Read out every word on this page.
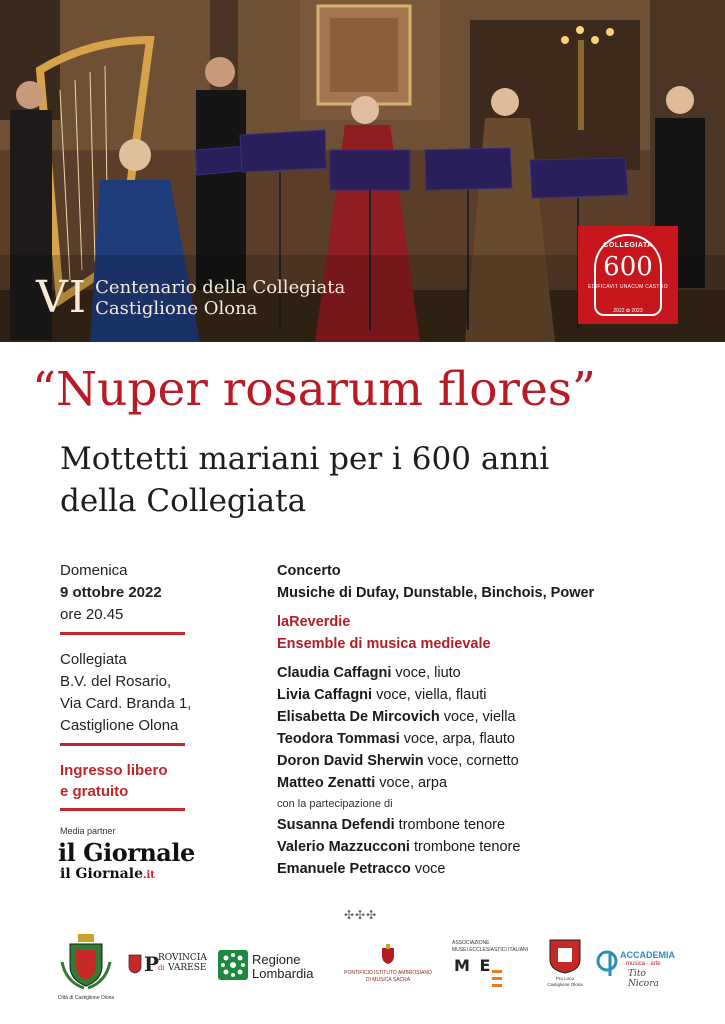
VI Centenario della Collegiata
Castiglione Olona
COLLEGIATA
600
EDIFICAVIT UNACUM CASTRO
2022 ✿ 2023
“Nuper rosarum flores”
Mottetti mariani per i 600 anni
della Collegiata
Domenica
9 ottobre 2022
ore 20.45
Collegiata
B.V. del Rosario,
Via Card. Branda 1,
Castiglione Olona
Ingresso libero
e gratuito
Media partner
il Giornale
il Giornale.it
Concerto
Musiche di Dufay, Dunstable, Binchois, Power
laReverdie
Ensemble di musica medievale
Claudia Caffagni voce, liuto
Livia Caffagni voce, viella, flauti
Elisabetta De Mircovich voce, viella
Teodora Tommasi voce, arpa, flauto
Doron David Sherwin voce, cornetto
Matteo Zenatti voce, arpa
con la partecipazione di
Susanna Defendi trombone tenore
Valerio Mazzucconi trombone tenore
Emanuele Petracco voce
✣✣✣
Città di Castiglione Olona
P
ROVINCIA
di VARESE
Regione
Lombardia	PONTIFICIO ISTITUTO AMBROSIANO
DI MUSICA SACRA
ASSOCIAZIONE
MUSEI ECCLESIASTICI ITALIANI
M E
Pro Loco
Castiglione Olona
ACCADEMIA
musica · arte
Tito Nicora
